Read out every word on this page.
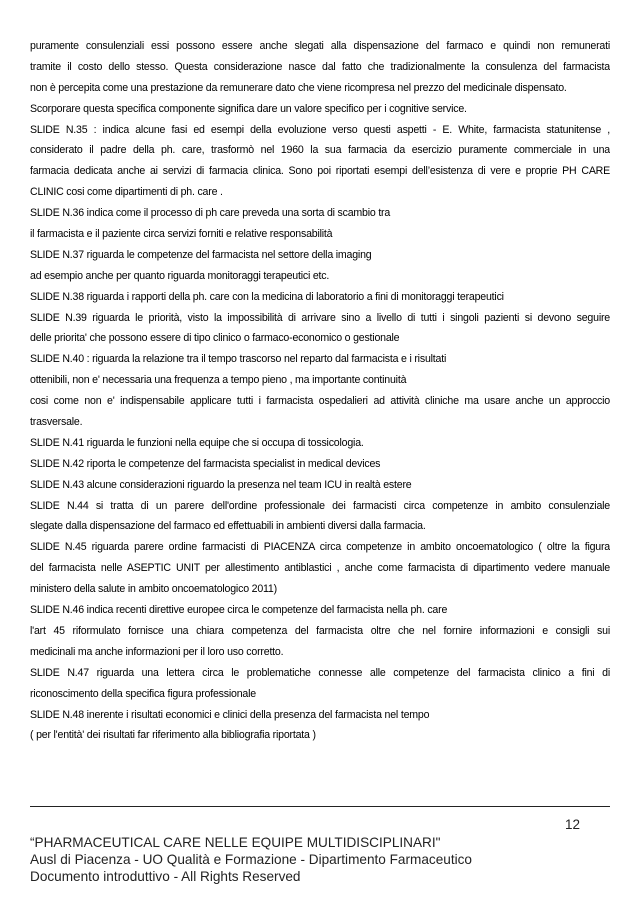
puramente consulenziali essi possono essere anche slegati alla dispensazione del farmaco e quindi non remunerati
tramite il costo dello stesso. Questa considerazione nasce dal fatto che tradizionalmente la consulenza del farmacista
non è percepita come una prestazione da remunerare dato che viene ricompresa nel prezzo del medicinale dispensato.
Scorporare questa specifica componente significa dare un valore specifico per i cognitive service.
SLIDE N.35 : indica alcune fasi ed esempi della evoluzione verso questi aspetti - E. White, farmacista statunitense ,
considerato il padre della ph. care, trasformò nel 1960 la sua farmacia da esercizio puramente commerciale in una
farmacia dedicata anche ai servizi di farmacia clinica. Sono poi riportati esempi dell’esistenza di vere e proprie PH CARE
CLINIC cosi come dipartimenti di ph. care .
SLIDE N.36 indica come il processo di ph care preveda una sorta di scambio tra
il farmacista e il paziente circa servizi forniti e relative responsabilità
SLIDE N.37 riguarda le competenze del farmacista nel settore della imaging
ad esempio anche per quanto riguarda monitoraggi terapeutici etc.
SLIDE N.38 riguarda i rapporti della ph. care con la medicina di laboratorio a fini di monitoraggi terapeutici
SLIDE N.39 riguarda le priorità, visto la impossibilità di arrivare sino a livello di tutti i singoli pazienti si devono seguire
delle priorita' che possono essere di tipo clinico o farmaco-economico o gestionale
SLIDE N.40 : riguarda la relazione tra il tempo trascorso nel reparto dal farmacista e i risultati
ottenibili, non e' necessaria una frequenza a tempo pieno , ma importante continuità
cosi come non e' indispensabile applicare tutti i farmacista ospedalieri ad attività cliniche ma usare anche un approccio
trasversale.
SLIDE N.41 riguarda le funzioni nella equipe che si occupa di tossicologia.
SLIDE N.42 riporta le competenze del farmacista specialist in medical devices
SLIDE N.43 alcune considerazioni riguardo la presenza nel team ICU in realtà estere
SLIDE N.44 si tratta di un parere dell'ordine professionale dei farmacisti circa competenze in ambito consulenziale
slegate dalla dispensazione del farmaco ed effettuabili in ambienti diversi dalla farmacia.
SLIDE N.45 riguarda parere ordine farmacisti di PIACENZA circa competenze in ambito oncoematologico ( oltre la figura
del farmacista nelle ASEPTIC UNIT per allestimento antiblastici , anche come farmacista di dipartimento vedere manuale
ministero della salute in ambito oncoematologico 2011)
SLIDE N.46 indica recenti direttive europee circa le competenze del farmacista nella ph. care
l'art 45 riformulato fornisce una chiara competenza del farmacista oltre che nel fornire informazioni e consigli sui
medicinali ma anche informazioni per il loro uso corretto.
SLIDE N.47 riguarda una lettera circa le problematiche connesse alle competenze del farmacista clinico a fini di
riconoscimento della specifica figura professionale
SLIDE N.48 inerente i risultati economici e clinici della presenza del farmacista nel tempo
( per l'entità' dei risultati far riferimento alla bibliografia riportata )
12
“PHARMACEUTICAL CARE NELLE EQUIPE MULTIDISCIPLINARI"
Ausl di Piacenza - UO Qualità e Formazione - Dipartimento Farmaceutico
Documento introduttivo - All Rights Reserved
